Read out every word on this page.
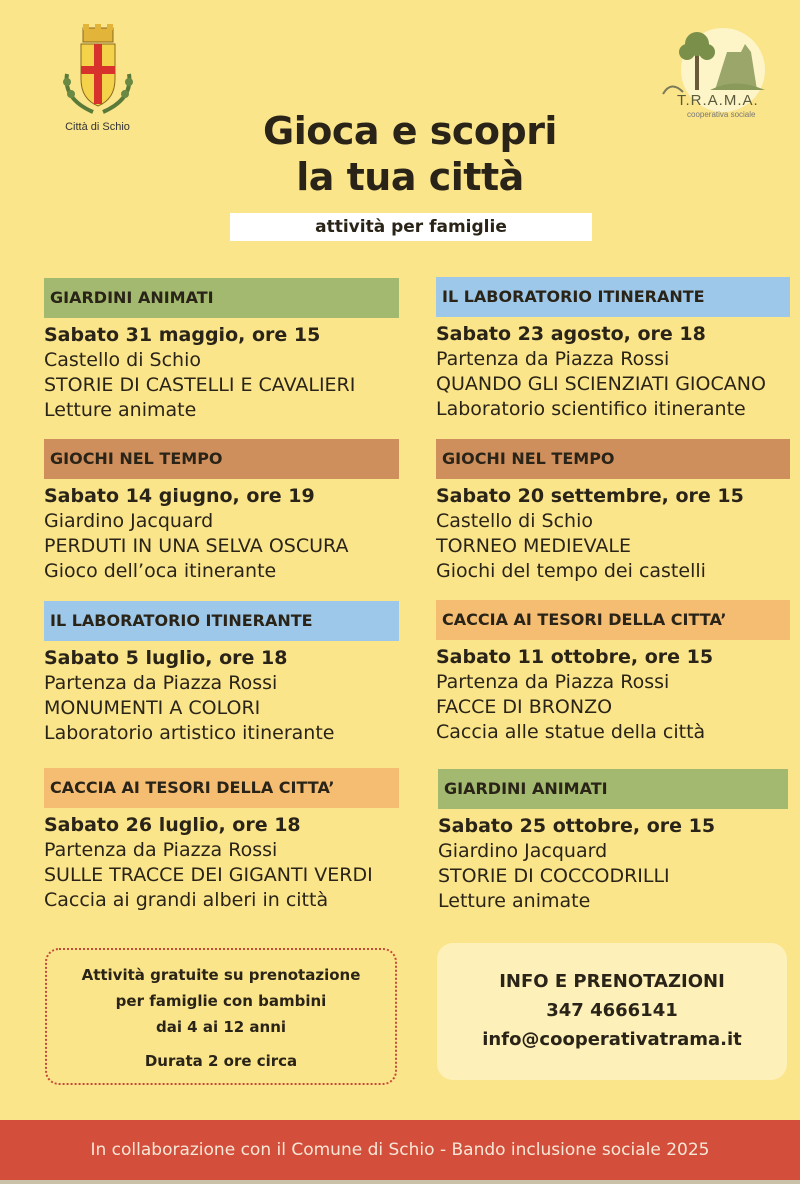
Città di Schio
T.R.A.M.A.
cooperativa sociale
Gioca e scopri
la tua città
attività per famiglie
GIARDINI ANIMATI
Sabato 31 maggio, ore 15
Castello di Schio
STORIE DI CASTELLI E CAVALIERI
Letture animate
GIOCHI NEL TEMPO
Sabato 14 giugno, ore 19
Giardino Jacquard
PERDUTI IN UNA SELVA OSCURA
Gioco dell’oca itinerante
IL LABORATORIO ITINERANTE
Sabato 5 luglio, ore 18
Partenza da Piazza Rossi
MONUMENTI A COLORI
Laboratorio artistico itinerante
CACCIA AI TESORI DELLA CITTA’
Sabato 26 luglio, ore 18
Partenza da Piazza Rossi
SULLE TRACCE DEI GIGANTI VERDI
Caccia ai grandi alberi in città
IL LABORATORIO ITINERANTE
Sabato 23 agosto, ore 18
Partenza da Piazza Rossi
QUANDO GLI SCIENZIATI GIOCANO
Laboratorio scientifico itinerante
GIOCHI NEL TEMPO
Sabato 20 settembre, ore 15
Castello di Schio
TORNEO MEDIEVALE
Giochi del tempo dei castelli
CACCIA AI TESORI DELLA CITTA’
Sabato 11 ottobre, ore 15
Partenza da Piazza Rossi
FACCE DI BRONZO
Caccia alle statue della città
GIARDINI ANIMATI
Sabato 25 ottobre, ore 15
Giardino Jacquard
STORIE DI COCCODRILLI
Letture animate
Attività gratuite su prenotazione
per famiglie con bambini
dai 4 ai 12 anni
Durata 2 ore circa
INFO E PRENOTAZIONI
347 4666141
info@cooperativatrama.it
In collaborazione con il Comune di Schio - Bando inclusione sociale 2025
